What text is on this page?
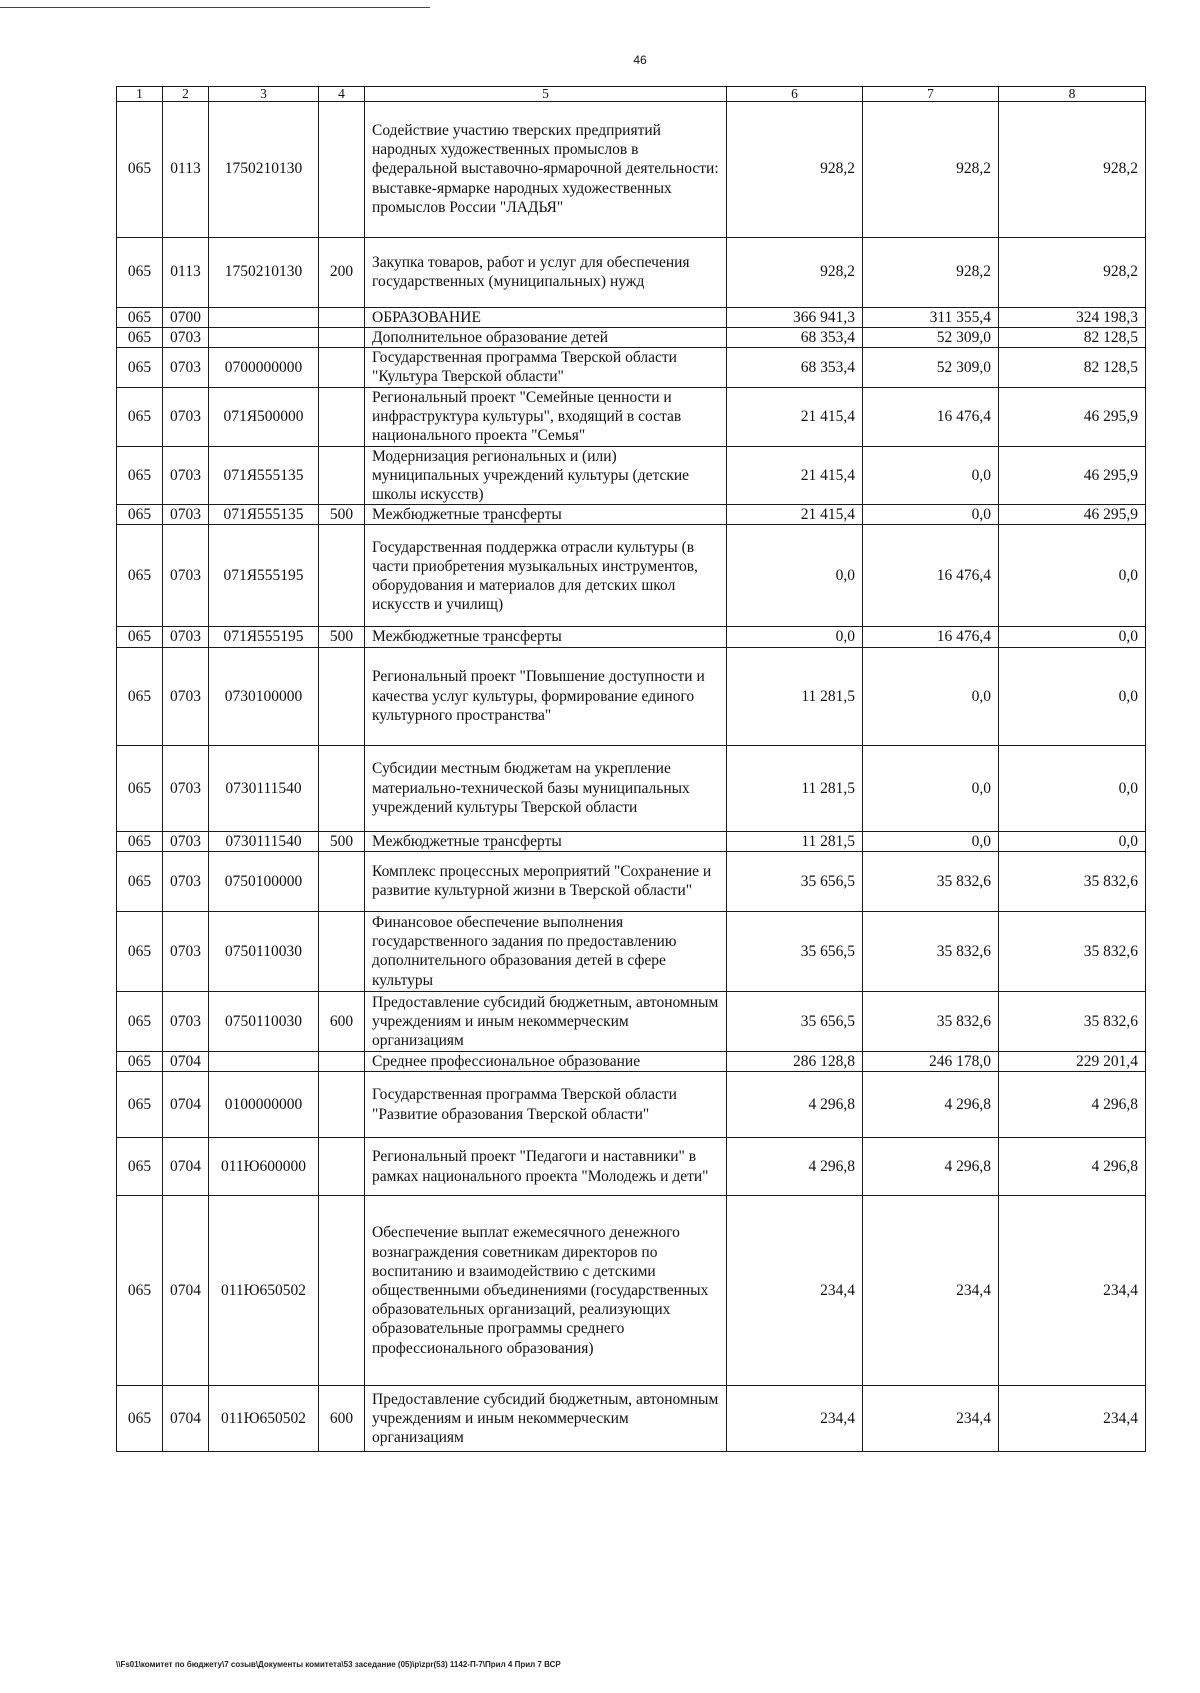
46
1	2	3	4	5	6	7	8
065	0113	1750210130		Содействие участию тверских предприятий народных художественных промыслов в федеральной выставочно-ярмарочной деятельности: выставке-ярмарке народных художественных промыслов России "ЛАДЬЯ"	928,2	928,2	928,2
065	0113	1750210130	200	Закупка товаров, работ и услуг для обеспечения государственных (муниципальных) нужд	928,2	928,2	928,2
065	0700			ОБРАЗОВАНИЕ	366 941,3	311 355,4	324 198,3
065	0703			Дополнительное образование детей	68 353,4	52 309,0	82 128,5
065	0703	0700000000		Государственная программа Тверской области "Культура Тверской области"	68 353,4	52 309,0	82 128,5
065	0703	071Я500000		Региональный проект "Семейные ценности и инфраструктура культуры", входящий в состав национального проекта "Семья"	21 415,4	16 476,4	46 295,9
065	0703	071Я555135		Модернизация региональных и (или) муниципальных учреждений культуры (детские школы искусств)	21 415,4	0,0	46 295,9
065	0703	071Я555135	500	Межбюджетные трансферты	21 415,4	0,0	46 295,9
065	0703	071Я555195		Государственная поддержка отрасли культуры (в части приобретения музыкальных инструментов, оборудования и материалов для детских школ искусств и училищ)	0,0	16 476,4	0,0
065	0703	071Я555195	500	Межбюджетные трансферты	0,0	16 476,4	0,0
065	0703	0730100000		Региональный проект "Повышение доступности и качества услуг культуры, формирование единого культурного пространства"	11 281,5	0,0	0,0
065	0703	0730111540		Субсидии местным бюджетам на укрепление материально-технической базы муниципальных учреждений культуры Тверской области	11 281,5	0,0	0,0
065	0703	0730111540	500	Межбюджетные трансферты	11 281,5	0,0	0,0
065	0703	0750100000		Комплекс процессных мероприятий "Сохранение и развитие культурной жизни в Тверской области"	35 656,5	35 832,6	35 832,6
065	0703	0750110030		Финансовое обеспечение выполнения государственного задания по предоставлению дополнительного образования детей в сфере культуры	35 656,5	35 832,6	35 832,6
065	0703	0750110030	600	Предоставление субсидий бюджетным, автономным учреждениям и иным некоммерческим организациям	35 656,5	35 832,6	35 832,6
065	0704			Среднее профессиональное образование	286 128,8	246 178,0	229 201,4
065	0704	0100000000		Государственная программа Тверской области "Развитие образования Тверской области"	4 296,8	4 296,8	4 296,8
065	0704	011Ю600000		Региональный проект "Педагоги и наставники" в рамках национального проекта "Молодежь и дети"	4 296,8	4 296,8	4 296,8
065	0704	011Ю650502		Обеспечение выплат ежемесячного денежного вознаграждения советникам директоров по воспитанию и взаимодействию с детскими общественными объединениями (государственных образовательных организаций, реализующих образовательные программы среднего профессионального образования)	234,4	234,4	234,4
065	0704	011Ю650502	600	Предоставление субсидий бюджетным, автономным учреждениям и иным некоммерческим организациям	234,4	234,4	234,4
\\Fs01\комитет по бюджету\7 созыв\Документы комитета\53 заседание (05)\р\zpr(53) 1142-П-7\Прил 4 Прил 7 ВСР
